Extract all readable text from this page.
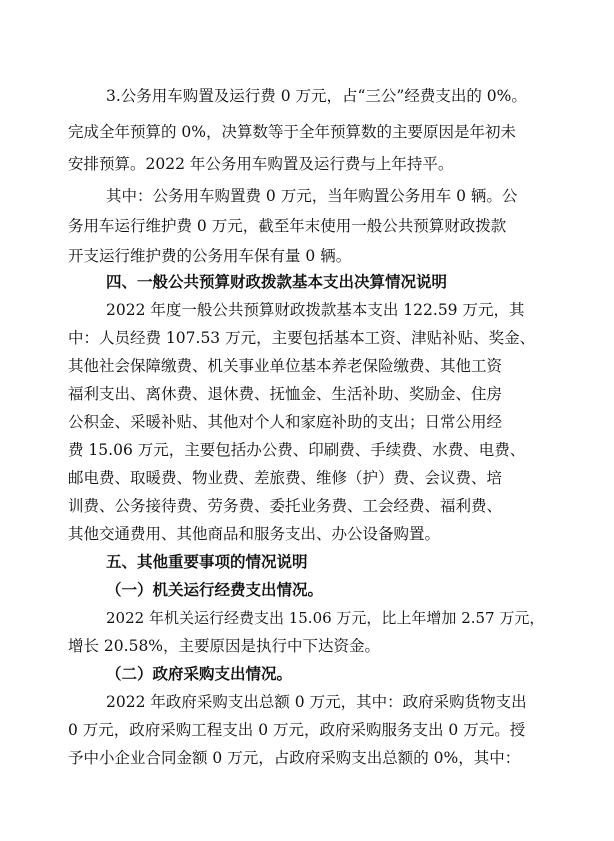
3.公务用车购置及运行费 0 万元，占“三公”经费支出的 0%。
完成全年预算的 0%，决算数等于全年预算数的主要原因是年初未
安排预算。2022 年公务用车购置及运行费与上年持平。
其中：公务用车购置费 0 万元，当年购置公务用车 0 辆。公
务用车运行维护费 0 万元，截至年末使用一般公共预算财政拨款
开支运行维护费的公务用车保有量 0 辆。
四、一般公共预算财政拨款基本支出决算情况说明
2022 年度一般公共预算财政拨款基本支出 122.59 万元，其
中：人员经费 107.53 万元，主要包括基本工资、津贴补贴、奖金、
其他社会保障缴费、机关事业单位基本养老保险缴费、其他工资
福利支出、离休费、退休费、抚恤金、生活补助、奖励金、住房
公积金、采暖补贴、其他对个人和家庭补助的支出；日常公用经
费 15.06 万元，主要包括办公费、印刷费、手续费、水费、电费、
邮电费、取暖费、物业费、差旅费、维修（护）费、会议费、培
训费、公务接待费、劳务费、委托业务费、工会经费、福利费、
其他交通费用、其他商品和服务支出、办公设备购置。
五、其他重要事项的情况说明
（一）机关运行经费支出情况。
2022 年机关运行经费支出 15.06 万元，比上年增加 2.57 万元，
增长 20.58%，主要原因是执行中下达资金。
（二）政府采购支出情况。
2022 年政府采购支出总额 0 万元，其中：政府采购货物支出
0 万元，政府采购工程支出 0 万元，政府采购服务支出 0 万元。授
予中小企业合同金额 0 万元，占政府采购支出总额的 0%，其中：
